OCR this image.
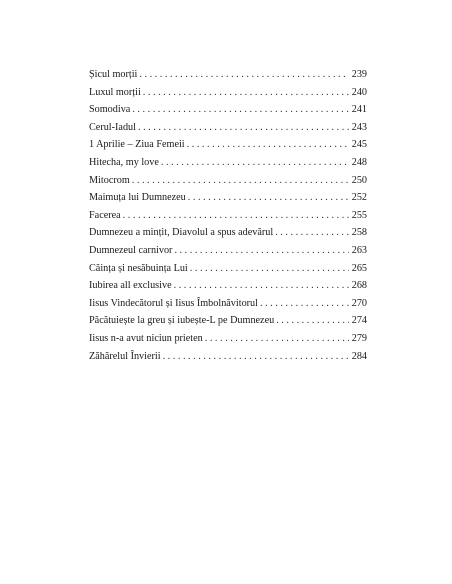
Șicul morții . . .	239
Luxul morții . . .	240
Somodiva . . .	241
Cerul-Iadul . . .	243
1 Aprilie – Ziua Femeii . . .	245
Hitecha, my love . . .	248
Mitocrom . . .	250
Maimuța lui Dumnezeu . . .	252
Facerea . . .	255
Dumnezeu a mințit, Diavolul a spus adevărul . . .	258
Dumnezeul carnivor . . .	263
Căința și nesăbuința Lui . . .	265
Iubirea all exclusive . . .	268
Iisus Vindecătorul și Iisus Îmbolnăvitorul . . .	270
Păcătuiește la greu și iubește-L pe Dumnezeu . . .	274
Iisus n-a avut niciun prieten . . .	279
Zăhărelul Învierii . . .	284
